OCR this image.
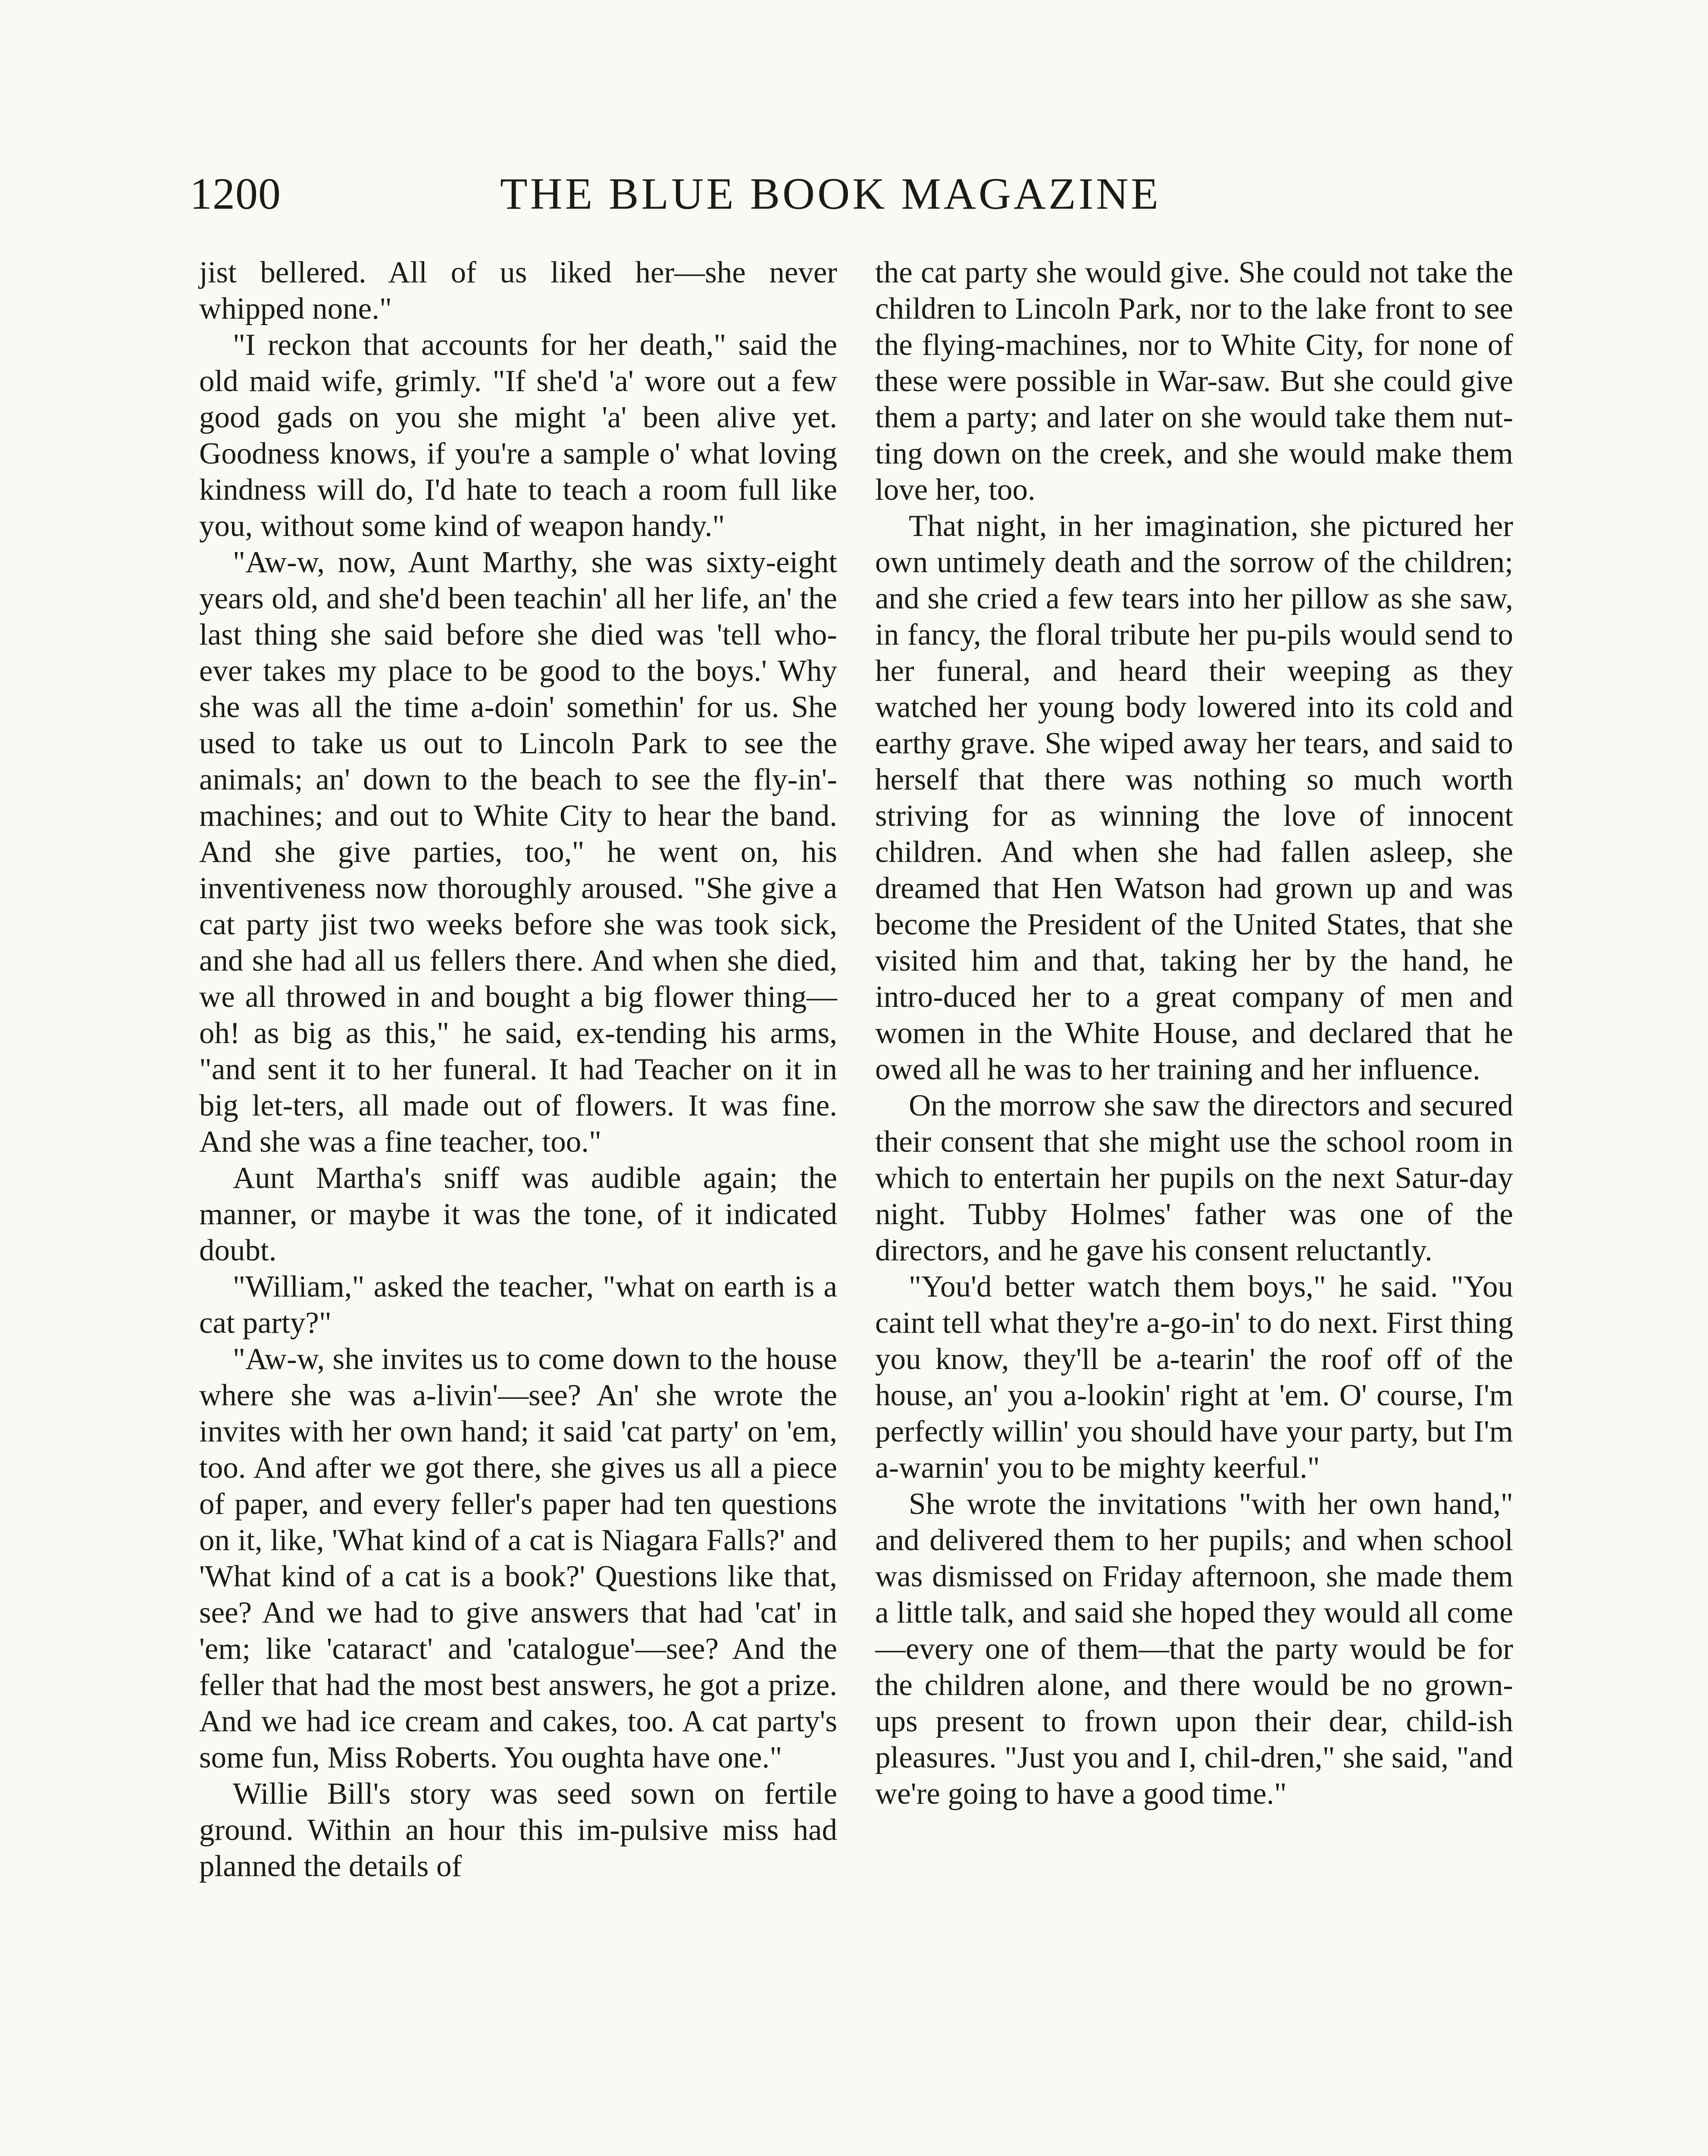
1200	THE BLUE BOOK MAGAZINE

jist bellered. All of us liked her—she never whipped none."

"I reckon that accounts for her death," said the old maid wife, grimly. "If she'd 'a' wore out a few good gads on you she might 'a' been alive yet. Goodness knows, if you're a sample o' what loving kindness will do, I'd hate to teach a room full like you, without some kind of weapon handy."

"Aw-w, now, Aunt Marthy, she was sixty-eight years old, and she'd been teachin' all her life, an' the last thing she said before she died was 'tell who-ever takes my place to be good to the boys.' Why she was all the time a-doin' somethin' for us. She used to take us out to Lincoln Park to see the animals; an' down to the beach to see the fly-in'-machines; and out to White City to hear the band. And she give parties, too," he went on, his inventiveness now thoroughly aroused. "She give a cat party jist two weeks before she was took sick, and she had all us fellers there. And when she died, we all throwed in and bought a big flower thing—oh! as big as this," he said, ex-tending his arms, "and sent it to her funeral. It had Teacher on it in big let-ters, all made out of flowers. It was fine. And she was a fine teacher, too."

Aunt Martha's sniff was audible again; the manner, or maybe it was the tone, of it indicated doubt.

"William," asked the teacher, "what on earth is a cat party?"

"Aw-w, she invites us to come down to the house where she was a-livin'—see? An' she wrote the invites with her own hand; it said 'cat party' on 'em, too. And after we got there, she gives us all a piece of paper, and every feller's paper had ten questions on it, like, 'What kind of a cat is Niagara Falls?' and 'What kind of a cat is a book?' Questions like that, see? And we had to give answers that had 'cat' in 'em; like 'cataract' and 'catalogue'—see? And the feller that had the most best answers, he got a prize. And we had ice cream and cakes, too. A cat party's some fun, Miss Roberts. You oughta have one."

Willie Bill's story was seed sown on fertile ground. Within an hour this im-pulsive miss had planned the details of

the cat party she would give. She could not take the children to Lincoln Park, nor to the lake front to see the flying-machines, nor to White City, for none of these were possible in War-saw. But she could give them a party; and later on she would take them nut-ting down on the creek, and she would make them love her, too.

That night, in her imagination, she pictured her own untimely death and the sorrow of the children; and she cried a few tears into her pillow as she saw, in fancy, the floral tribute her pu-pils would send to her funeral, and heard their weeping as they watched her young body lowered into its cold and earthy grave. She wiped away her tears, and said to herself that there was nothing so much worth striving for as winning the love of innocent children. And when she had fallen asleep, she dreamed that Hen Watson had grown up and was become the President of the United States, that she visited him and that, taking her by the hand, he intro-duced her to a great company of men and women in the White House, and declared that he owed all he was to her training and her influence.

On the morrow she saw the directors and secured their consent that she might use the school room in which to entertain her pupils on the next Satur-day night. Tubby Holmes' father was one of the directors, and he gave his consent reluctantly.

"You'd better watch them boys," he said. "You caint tell what they're a-go-in' to do next. First thing you know, they'll be a-tearin' the roof off of the house, an' you a-lookin' right at 'em. O' course, I'm perfectly willin' you should have your party, but I'm a-warnin' you to be mighty keerful."

She wrote the invitations "with her own hand," and delivered them to her pupils; and when school was dismissed on Friday afternoon, she made them a little talk, and said she hoped they would all come—every one of them—that the party would be for the children alone, and there would be no grown-ups present to frown upon their dear, child-ish pleasures. "Just you and I, chil-dren," she said, "and we're going to have a good time."
